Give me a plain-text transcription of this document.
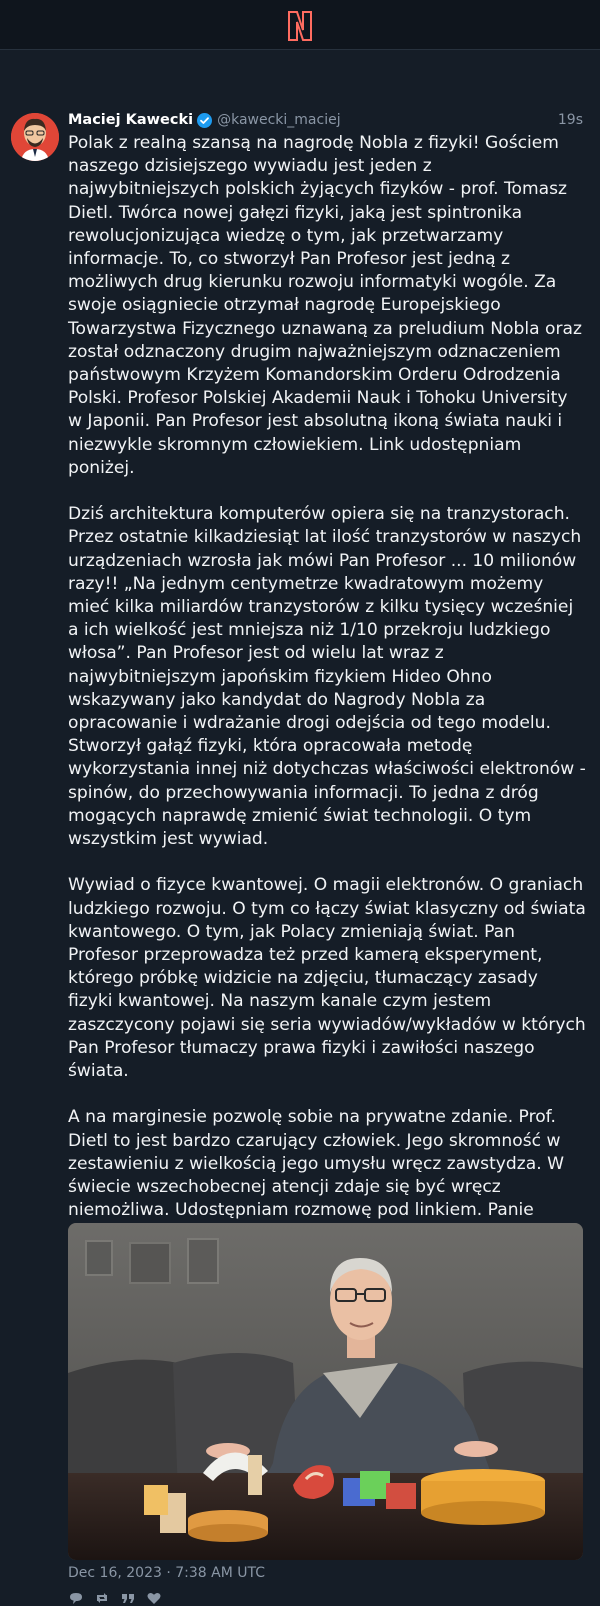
Maciej Kawecki @kawecki_maciej	19s

Polak z realną szansą na nagrodę Nobla z fizyki! Gościem naszego dzisiejszego wywiadu jest jeden z najwybitniejszych polskich żyjących fizyków - prof. Tomasz Dietl. Twórca nowej gałęzi fizyki, jaką jest spintronika rewolucjonizująca wiedzę o tym, jak przetwarzamy informacje. To, co stworzył Pan Profesor jest jedną z możliwych drug kierunku rozwoju informatyki wogóle. Za swoje osiągniecie otrzymał nagrodę Europejskiego Towarzystwa Fizycznego uznawaną za preludium Nobla oraz został odznaczony drugim najważniejszym odznaczeniem państwowym Krzyżem Komandorskim Orderu Odrodzenia Polski. Profesor Polskiej Akademii Nauk i Tohoku University w Japonii. Pan Profesor jest absolutną ikoną świata nauki i niezwykle skromnym człowiekiem. Link udostępniam poniżej.

Dziś architektura komputerów opiera się na tranzystorach. Przez ostatnie kilkadziesiąt lat ilość tranzystorów w naszych urządzeniach wzrosła jak mówi Pan Profesor ... 10 milionów razy!! „Na jednym centymetrze kwadratowym możemy mieć kilka miliardów tranzystorów z kilku tysięcy wcześniej a ich wielkość jest mniejsza niż 1/10 przekroju ludzkiego włosa”. Pan Profesor jest od wielu lat wraz z najwybitniejszym japońskim fizykiem Hideo Ohno wskazywany jako kandydat do Nagrody Nobla za opracowanie i wdrażanie drogi odejścia od tego modelu. Stworzył gałąź fizyki, która opracowała metodę wykorzystania innej niż dotychczas właściwości elektronów - spinów, do przechowywania informacji. To jedna z dróg mogących naprawdę zmienić świat technologii. O tym wszystkim jest wywiad.

Wywiad o fizyce kwantowej. O magii elektronów. O graniach ludzkiego rozwoju. O tym co łączy świat klasyczny od świata kwantowego. O tym, jak Polacy zmieniają świat. Pan Profesor przeprowadza też przed kamerą eksperyment, którego próbkę widzicie na zdjęciu, tłumaczący zasady fizyki kwantowej. Na naszym kanale czym jestem zaszczycony pojawi się seria wywiadów/wykładów w których Pan Profesor tłumaczy prawa fizyki i zawiłości naszego świata.

A na marginesie pozwolę sobie na prywatne zdanie. Prof. Dietl to jest bardzo czarujący człowiek. Jego skromność w zestawieniu z wielkością jego umysłu wręcz zawstydza. W świecie wszechobecnej atencji zdaje się być wręcz niemożliwa. Udostępniam rozmowę pod linkiem. Panie

Dec 16, 2023 · 7:38 AM UTC
